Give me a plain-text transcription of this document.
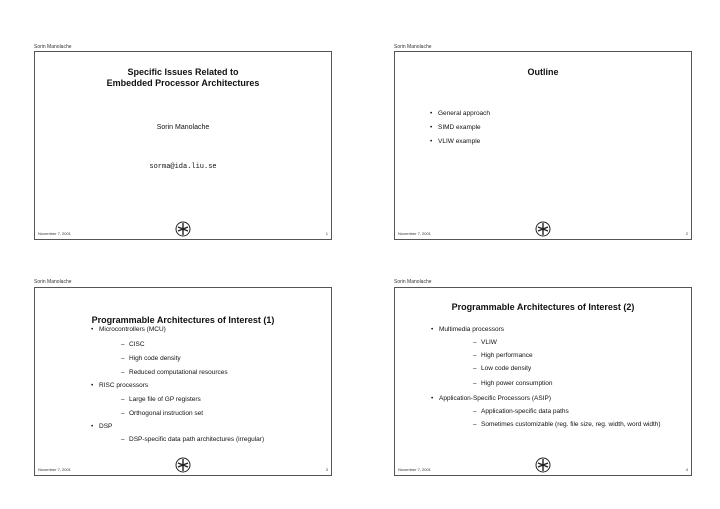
Sorin Manolache
Specific Issues Related to
Embedded Processor Architectures
Sorin Manolache
sorma@ida.liu.se
November 7, 2001	1
Sorin Manolache
Outline
• General approach
• SIMD example
• VLIW example
November 7, 2001	2
Sorin Manolache
Programmable Architectures of Interest (1)
• Microcontrollers (MCU)
– CISC
– High code density
– Reduced computational resources
• RISC processors
– Large file of GP registers
– Orthogonal instruction set
• DSP
– DSP-specific data path architectures (irregular)
November 7, 2001	3
Sorin Manolache
Programmable Architectures of Interest (2)
• Multimedia processors
– VLIW
– High performance
– Low code density
– High power consumption
• Application-Specific Processors (ASIP)
– Application-specific data paths
– Sometimes customizable (reg. file size, reg. width, word width)
November 7, 2001	4
